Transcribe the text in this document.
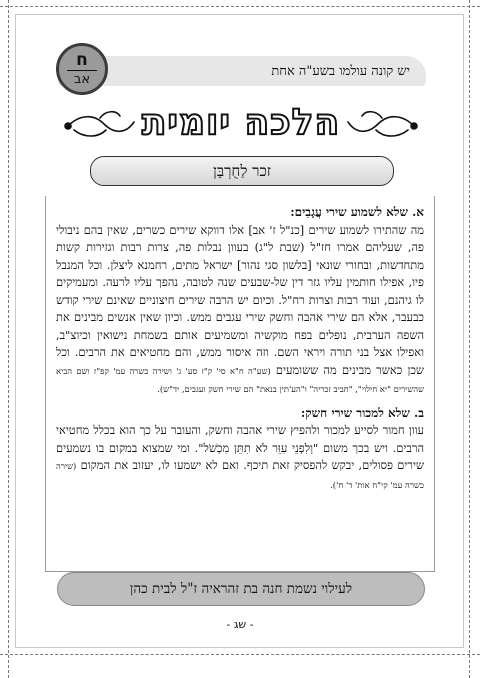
יש קונה עולמו בשע"ה אחת
ח
אב
הלכה יומית
זכר לַחֻרְבָּן

א. שלא לשמוע שירי עֲגָבִים:

מה שהתירו לשמוע שירים [כנ"ל ז' אב] אלו דווקא שירים כשרים, שאין בהם ניבולי פה, שעליהם אמרו חז"ל (שבת ל"ג) בעוון נבלות פה, צרות רבות וגזירות קשות מתחדשות, ובחורי שונאי [בלשון סגי נהור] ישראל מתים, רחמנא ליצלן. וכל המנבל פיו, אפילו חותמין עליו גזר דין של-שבעים שנה לטובה, נהפך עליו לרעה. ומעמיקים לו גיהנם, ועוד רבות וצרות רח"ל. וכיום יש הרבה שירים חיצוניים שאינם שירי קודש כבעבר, אלא הם שירי אהבה וחשק שירי עגבים ממש. וכיון שאין אנשים מבינים את השפה הערבית, נופלים בפח מוקשיה ומשמיעים אותם בשמחת נישואין וכיוצ"ב, ואפילו אצל בני תורה ויראי השם. וזה איסור ממש, והם מחטיאים את הרבים. וכל שכן כאשר מבינים מה ששומעים (שע"ה ח"א סי' ק"ז סע' ג' ושירה כשרה עמ' קפ"ז ושם הביא שהשירים "יא חילוי", "חביב זכריה" ו"הע'תין בנאת" הם שירי חשק ועגבים, יד"ש).

ב. שלא למכור שירי חשק:

עוון חמור לסייע למכור ולהפיץ שירי אהבה וחשק, והעובר על כך הוא בכלל מחטיאי הרבים. ויש בכך משום "וְלִפְנֵי עִוֵּר לֹא תִתֵּן מִכְשֹׁל". ומי שמצוא במקום בו נשמעים שירים פסולים, יבקש להפסיק זאת תיכף. ואם לא ישמעו לו, יעזוב את המקום (שירה כשרה עמ' קי"ח אות' ד' ח').

לעילוי נשמת חנה בת זהראיה ז"ל לבית כהן
- שג -
